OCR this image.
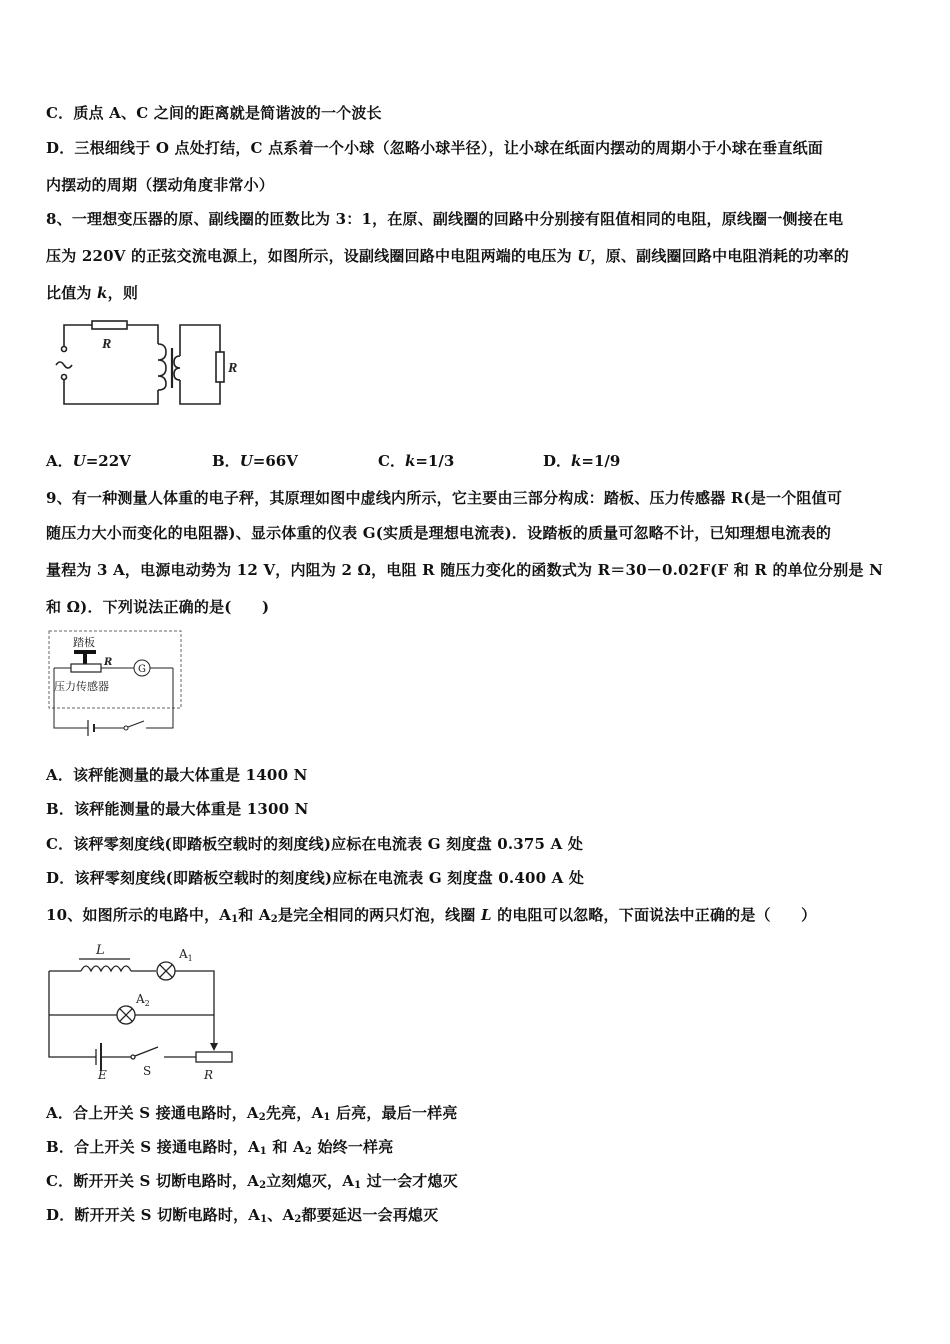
C．质点 A、C 之间的距离就是简谐波的一个波长
D．三根细线于 O 点处打结，C 点系着一个小球（忽略小球半径），让小球在纸面内摆动的周期小于小球在垂直纸面
内摆动的周期（摆动角度非常小）
8、一理想变压器的原、副线圈的匝数比为 3：1，在原、副线圈的回路中分别接有阻值相同的电阻，原线圈一侧接在电
压为 220V 的正弦交流电源上，如图所示，设副线圈回路中电阻两端的电压为 U，原、副线圈回路中电阻消耗的功率的
比值为 k，则
R
R
A．U=22V	B．U=66V	C．k=1/3	D．k=1/9
9、有一种测量人体重的电子秤，其原理如图中虚线内所示，它主要由三部分构成：踏板、压力传感器 R(是一个阻值可
随压力大小而变化的电阻器)、显示体重的仪表 G(实质是理想电流表)．设踏板的质量可忽略不计，已知理想电流表的
量程为 3 A，电源电动势为 12 V，内阻为 2 Ω，电阻 R 随压力变化的函数式为 R＝30－0.02F(F 和 R 的单位分别是 N
和 Ω)．下列说法正确的是(　　)
踏板
R
G
压力传感器
A．该秤能测量的最大体重是 1400 N
B．该秤能测量的最大体重是 1300 N
C．该秤零刻度线(即踏板空载时的刻度线)应标在电流表 G 刻度盘 0.375 A 处
D．该秤零刻度线(即踏板空载时的刻度线)应标在电流表 G 刻度盘 0.400 A 处
10、如图所示的电路中，$A_1$和 $A_2$是完全相同的两只灯泡，线圈 L 的电阻可以忽略，下面说法中正确的是（　　）
L	$A_1$
$A_2$
E	S	R
A．合上开关 S 接通电路时，$A_2$先亮，$A_1$ 后亮，最后一样亮
B．合上开关 S 接通电路时，$A_1$ 和 $A_2$ 始终一样亮
C．断开开关 S 切断电路时，$A_2$立刻熄灭，$A_1$ 过一会才熄灭
D．断开开关 S 切断电路时，$A_1$、$A_2$都要延迟一会再熄灭
